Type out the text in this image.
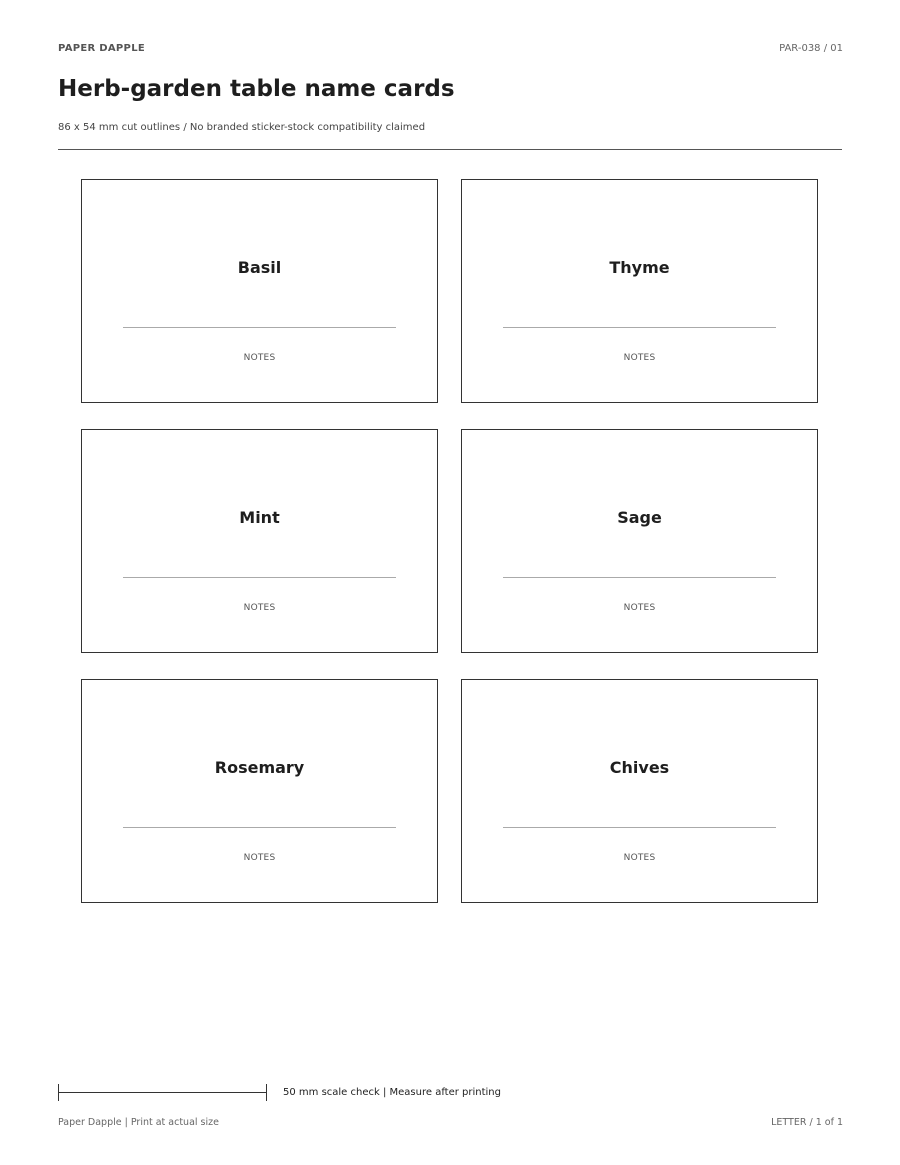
PAPER DAPPLE	PAR-038 / 01
Herb-garden table name cards
86 x 54 mm cut outlines / No branded sticker-stock compatibility claimed
Basil
NOTES
Thyme
NOTES
Mint
NOTES
Sage
NOTES
Rosemary
NOTES
Chives
NOTES
50 mm scale check | Measure after printing
Paper Dapple | Print at actual size	LETTER / 1 of 1
